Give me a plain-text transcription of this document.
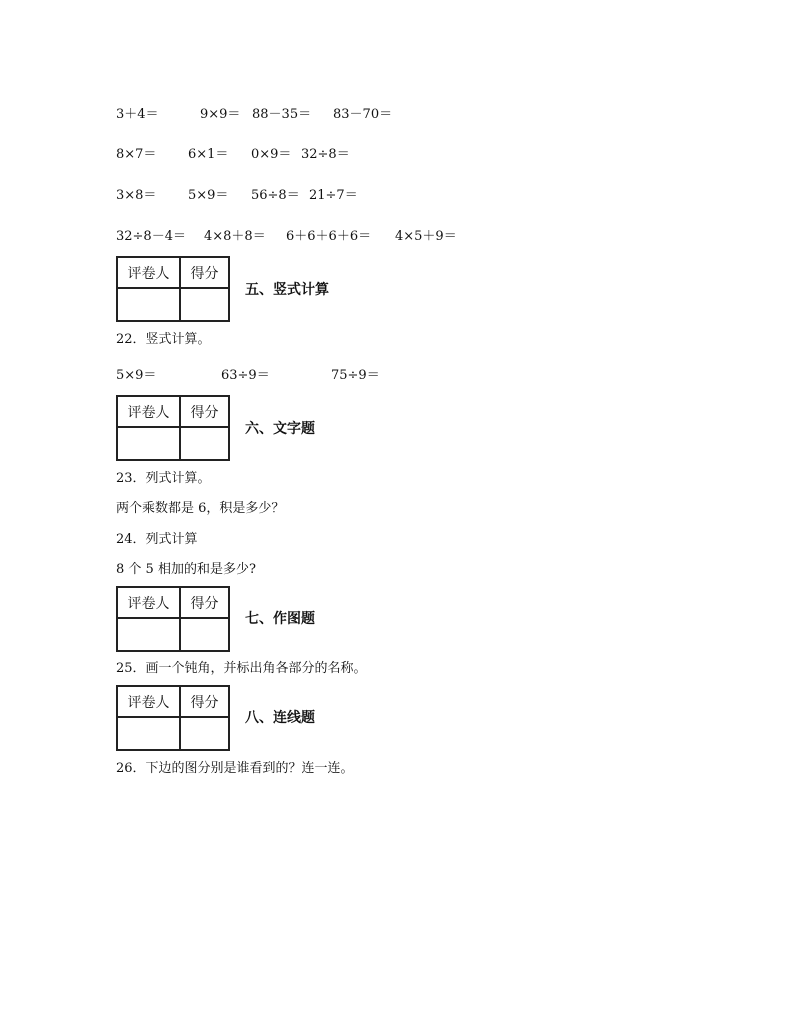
3＋4＝	9×9＝ 88－35＝ 83－70＝
8×7＝ 6×1＝ 0×9＝ 32÷8＝
3×8＝ 5×9＝ 56÷8＝ 21÷7＝
32÷8－4＝ 4×8＋8＝ 6＋6＋6＋6＝ 4×5＋9＝
评卷人	得分
五、竖式计算
22．竖式计算。
5×9＝	63÷9＝	75÷9＝
评卷人	得分
六、文字题
23．列式计算。
两个乘数都是 6，积是多少？
24．列式计算
8 个 5 相加的和是多少?
评卷人	得分
七、作图题
25．画一个钝角，并标出角各部分的名称。
评卷人	得分
八、连线题
26．下边的图分别是谁看到的？连一连。
